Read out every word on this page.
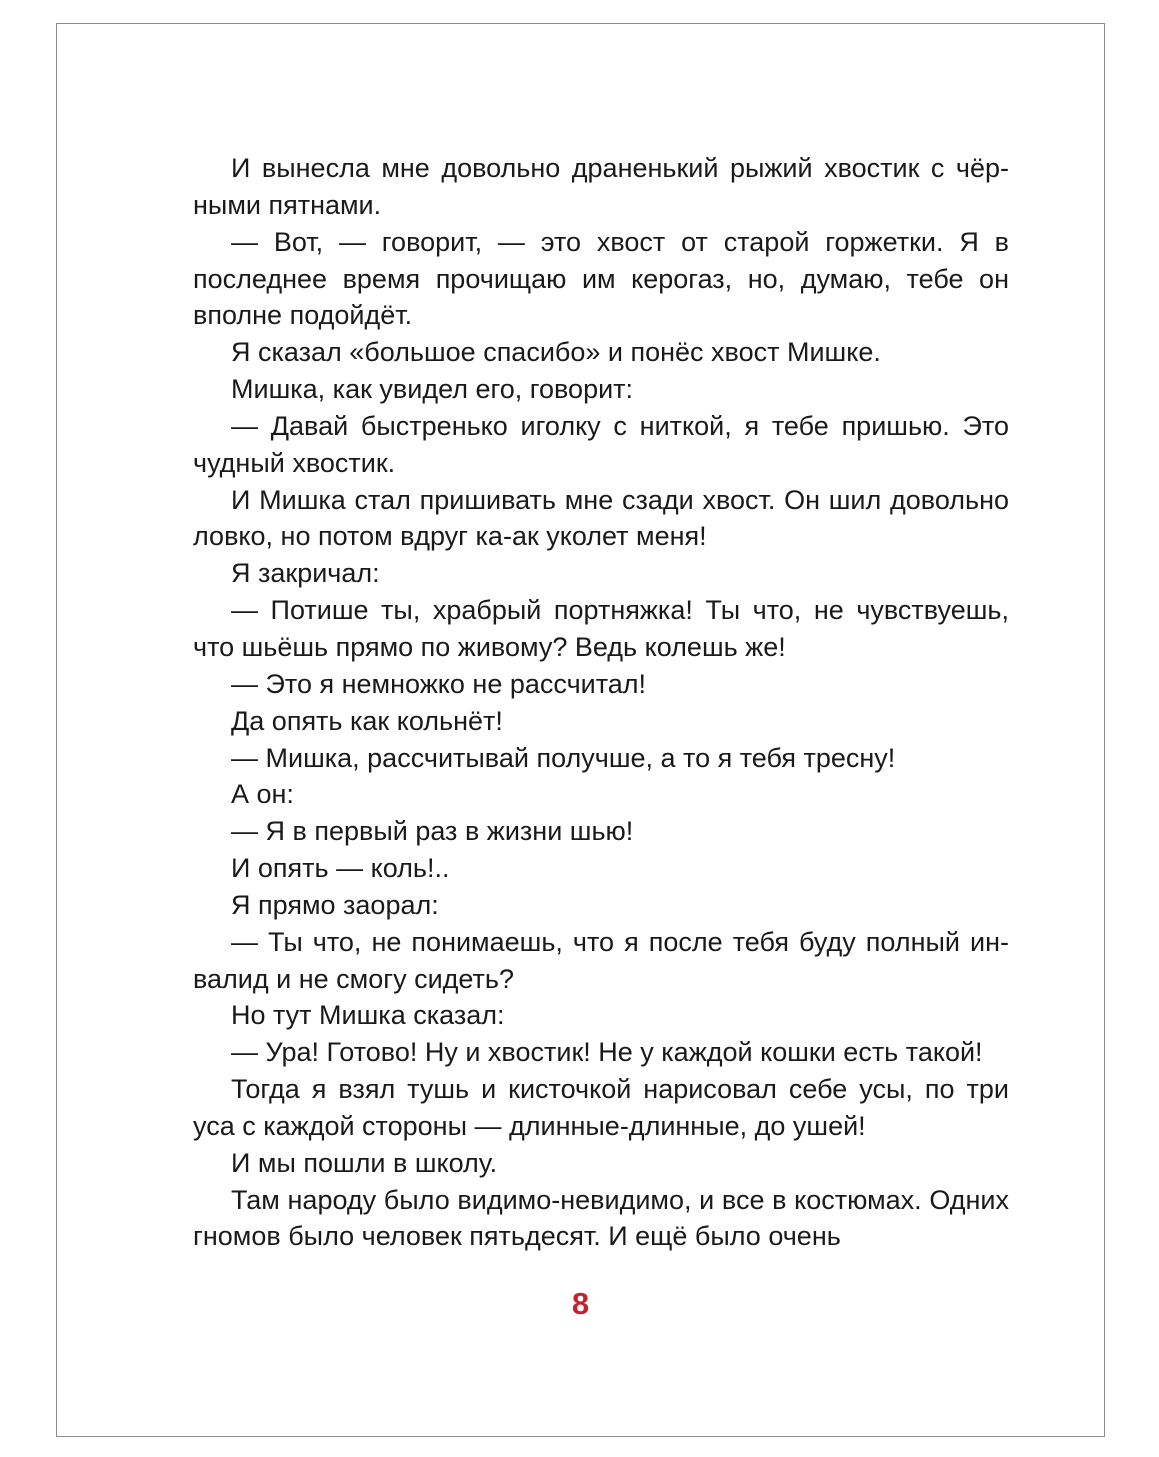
И вынесла мне довольно драненький рыжий хвостик с чёрными пятнами.

— Вот, — говорит, — это хвост от старой горжетки. Я в последнее время прочищаю им керогаз, но, думаю, тебе он вполне подойдёт.

Я сказал «большое спасибо» и понёс хвост Мишке.

Мишка, как увидел его, говорит:

— Давай быстренько иголку с ниткой, я тебе пришью. Это чудный хвостик.

И Мишка стал пришивать мне сзади хвост. Он шил довольно ловко, но потом вдруг ка-ак уколет меня!

Я закричал:

— Потише ты, храбрый портняжка! Ты что, не чувствуешь, что шьёшь прямо по живому? Ведь колешь же!

— Это я немножко не рассчитал!

Да опять как кольнёт!

— Мишка, рассчитывай получше, а то я тебя тресну!

А он:

— Я в первый раз в жизни шью!

И опять — коль!..

Я прямо заорал:

— Ты что, не понимаешь, что я после тебя буду полный инвалид и не смогу сидеть?

Но тут Мишка сказал:

— Ура! Готово! Ну и хвостик! Не у каждой кошки есть такой!

Тогда я взял тушь и кисточкой нарисовал себе усы, по три уса с каждой стороны — длинные-длинные, до ушей!

И мы пошли в школу.

Там народу было видимо-невидимо, и все в костюмах. Одних гномов было человек пятьдесят. И ещё было очень

8
